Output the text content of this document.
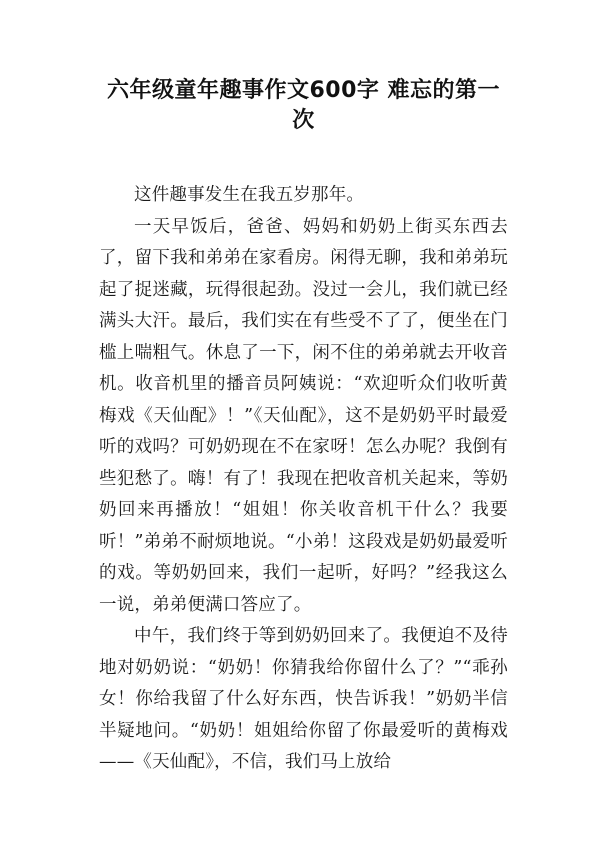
六年级童年趣事作文600字 难忘的第一次

这件趣事发生在我五岁那年。

一天早饭后，爸爸、妈妈和奶奶上街买东西去了，留下我和弟弟在家看房。闲得无聊，我和弟弟玩起了捉迷藏，玩得很起劲。没过一会儿，我们就已经满头大汗。最后，我们实在有些受不了了，便坐在门槛上喘粗气。休息了一下，闲不住的弟弟就去开收音机。收音机里的播音员阿姨说：“欢迎听众们收听黄梅戏《天仙配》！”《天仙配》，这不是奶奶平时最爱听的戏吗？可奶奶现在不在家呀！怎么办呢？我倒有些犯愁了。嗨！有了！我现在把收音机关起来，等奶奶回来再播放！“姐姐！你关收音机干什么？我要听！”弟弟不耐烦地说。“小弟！这段戏是奶奶最爱听的戏。等奶奶回来，我们一起听，好吗？”经我这么一说，弟弟便满口答应了。

中午，我们终于等到奶奶回来了。我便迫不及待地对奶奶说：“奶奶！你猜我给你留什么了？”“乖孙女！你给我留了什么好东西，快告诉我！”奶奶半信半疑地问。“奶奶！姐姐给你留了你最爱听的黄梅戏——《天仙配》，不信，我们马上放给
